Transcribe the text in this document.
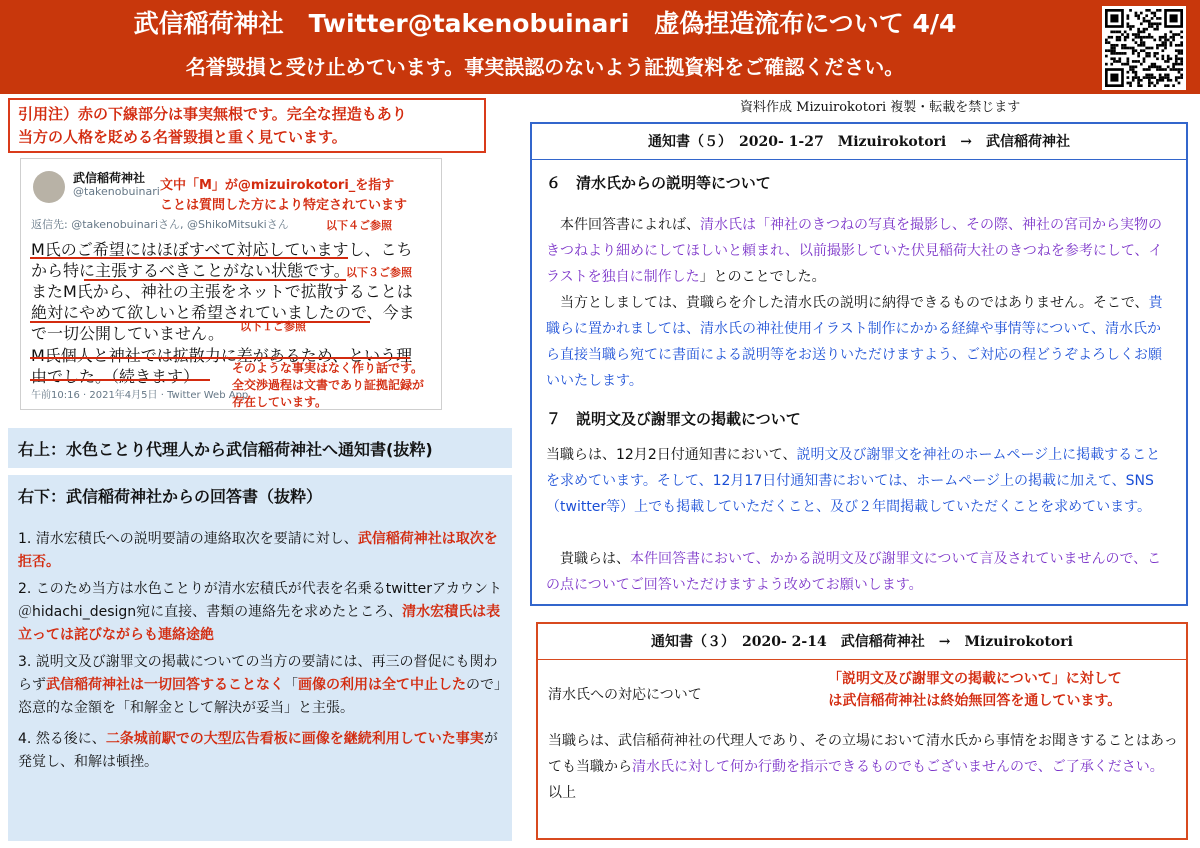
武信稲荷神社　Twitter@takenobuinari　虚偽捏造流布について 4/4
名誉毀損と受け止めています。事実誤認のないよう証拠資料をご確認ください。
引用注）赤の下線部分は事実無根です。完全な捏造もあり
当方の人格を貶める名誉毀損と重く見ています。
武信稲荷神社
@takenobuinari
返信先: @takenobuinariさん, @ShikoMitsukiさん
M氏のご希望にはほぼすべて対応していますし、こち
から特に主張するべきことがない状態です。
またM氏から、神社の主張をネットで拡散することは
絶対にやめて欲しいと希望されていましたので、今ま
で一切公開していません。
M氏個人と神社では拡散力に差があるため、という理
由でした。（続きます）
午前10:16 · 2021年4月5日 · Twitter Web App
文中「M」が@mizuirokotori_を指す
ことは質問した方により特定されています
以下４ご参照
以下３ご参照
以下１ご参照
そのような事実はなく作り話です。
全交渉過程は文書であり証拠記録が
存在しています。
右上：水色ことり代理人から武信稲荷神社へ通知書(抜粋)
右下：武信稲荷神社からの回答書（抜粋）
1. 清水宏積氏への説明要請の連絡取次を要請に対し、武信稲荷神社は取次を拒否。
2. このため当方は水色ことりが清水宏積氏が代表を名乗るtwitterアカウント＠hidachi_design宛に直接、書類の連絡先を求めたところ、清水宏積氏は表立っては詫びながらも連絡途絶
3. 説明文及び謝罪文の掲載についての当方の要請には、再三の督促にも関わらず武信稲荷神社は一切回答することなく「画像の利用は全て中止したので」恣意的な金額を「和解金として解決が妥当」と主張。
4. 然る後に、二条城前駅での大型広告看板に画像を継続利用していた事実が発覚し、和解は頓挫。
資料作成 Mizuirokotori 複製・転載を禁じます
通知書（５）　2020- 1-27　Mizuirokotori　→　武信稲荷神社
６　清水氏からの説明等について
本件回答書によれば、清水氏は「神社のきつねの写真を撮影し、その際、神社の宮司から実物のきつねより細めにしてほしいと頼まれ、以前撮影していた伏見稲荷大社のきつねを参考にして、イラストを独自に制作した」とのことでした。
当方としましては、貴職らを介した清水氏の説明に納得できるものではありません。そこで、貴職らに置かれましては、清水氏の神社使用イラスト制作にかかる経緯や事情等について、清水氏から直接当職ら宛てに書面による説明等をお送りいただけますよう、ご対応の程どうぞよろしくお願いいたします。
７　説明文及び謝罪文の掲載について
当職らは、12月2日付通知書において、説明文及び謝罪文を神社のホームページ上に掲載することを求めています。そして、12月17日付通知書においては、ホームページ上の掲載に加えて、SNS（twitter等）上でも掲載していただくこと、及び２年間掲載していただくことを求めています。
貴職らは、本件回答書において、かかる説明文及び謝罪文について言及されていませんので、この点についてご回答いただけますよう改めてお願いします。
通知書（３）　2020- 2-14　武信稲荷神社　→　Mizuirokotori
清水氏への対応について
「説明文及び謝罪文の掲載について」に対して
は武信稲荷神社は終始無回答を通しています。
当職らは、武信稲荷神社の代理人であり、その立場において清水氏から事情をお聞きすることはあっても当職から清水氏に対して何か行動を指示できるものでもございませんので、ご了承ください。　以上
